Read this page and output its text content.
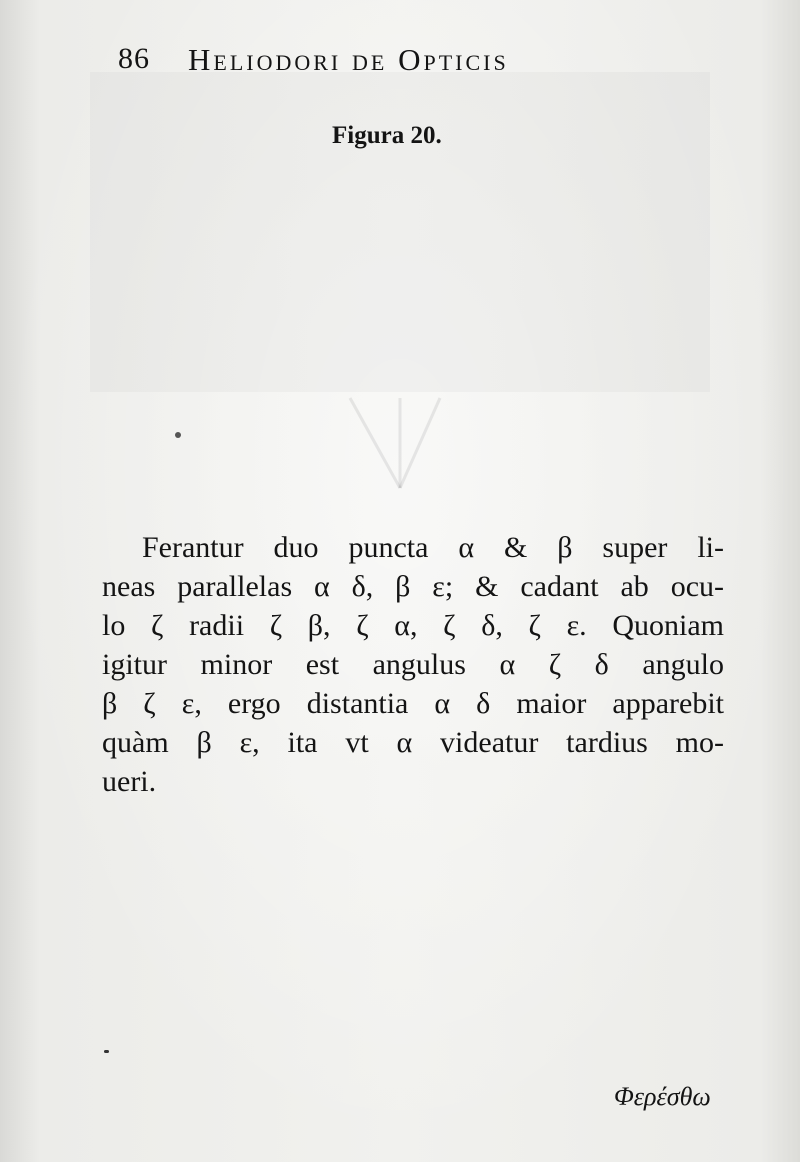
86 Heliodori de Opticis
Figura 20.
Ferantur duo puncta α & β super li-
neas parallelas α δ, β ε; & cadant ab ocu-
lo ζ radii ζ β, ζ α, ζ δ, ζ ε. Quoniam
igitur minor est angulus α ζ δ angulo
β ζ ε, ergo distantia α δ maior apparebit
quàm β ε, ita vt α videatur tardius mo-
ueri.
Φερέσθω
